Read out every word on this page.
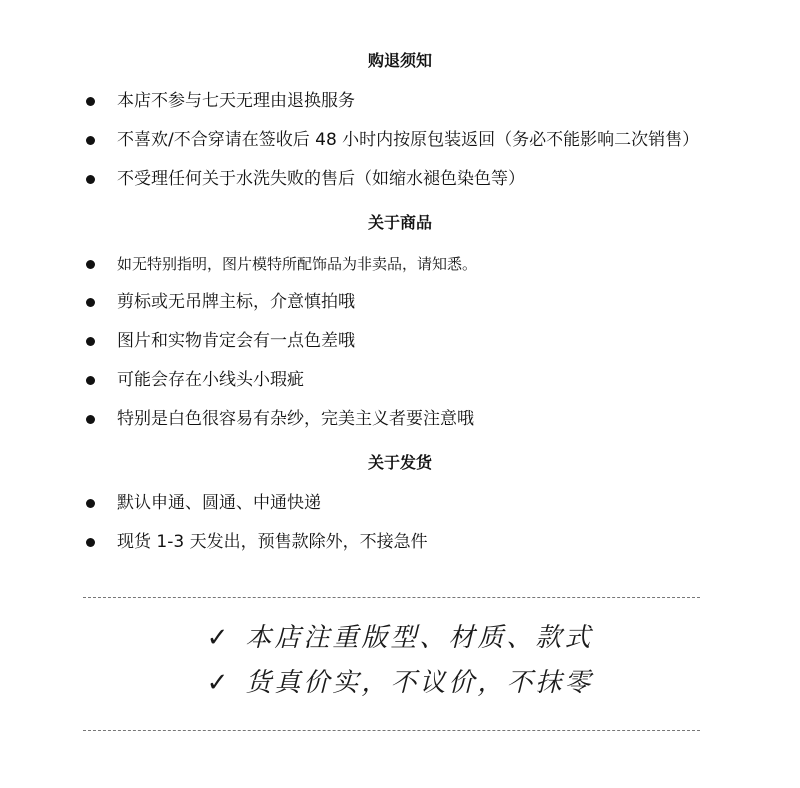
购退须知
本店不参与七天无理由退换服务
不喜欢/不合穿请在签收后 48 小时内按原包装返回（务必不能影响二次销售）
不受理任何关于水洗失败的售后（如缩水褪色染色等）
关于商品
如无特别指明，图片模特所配饰品为非卖品，请知悉。
剪标或无吊牌主标，介意慎拍哦
图片和实物肯定会有一点色差哦
可能会存在小线头小瑕疵
特别是白色很容易有杂纱，完美主义者要注意哦
关于发货
默认申通、圆通、中通快递
现货 1-3 天发出，预售款除外，不接急件
✓ 本店注重版型、材质、款式
✓ 货真价实，不议价，不抹零
